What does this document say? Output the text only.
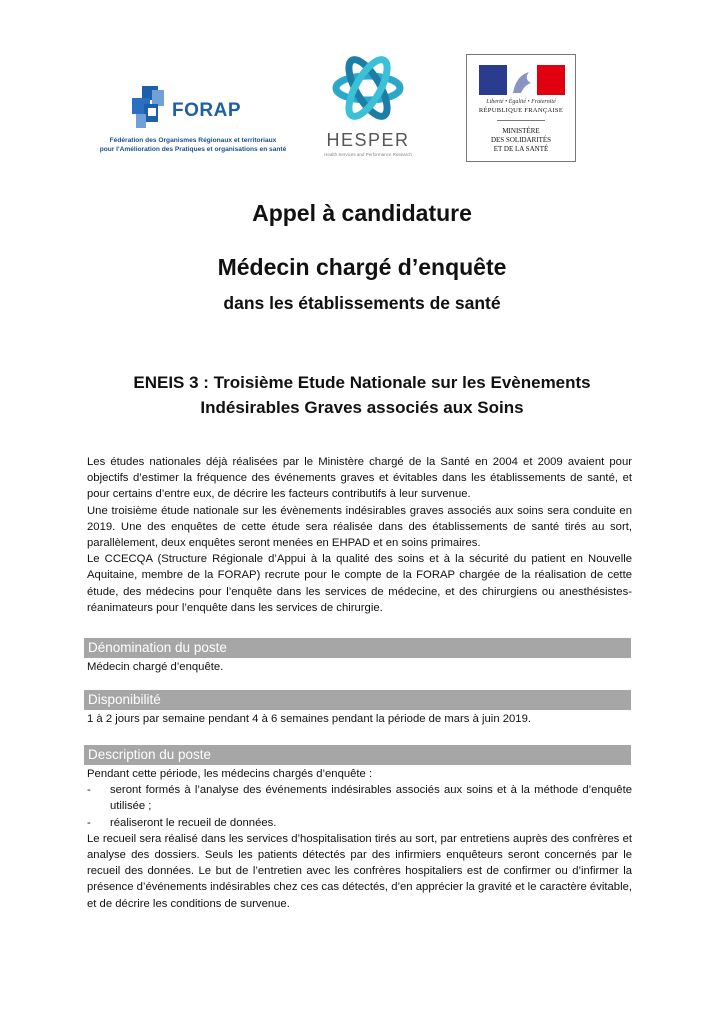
FORAP
Fédération des Organismes Régionaux et territoriaux
pour l'Amélioration des Pratiques et organisations en santé	HESPER
Health Services and Performance Research
Liberté • Égalité • Fraternité
RÉPUBLIQUE FRANÇAISE
MINISTÈRE
DES SOLIDARITÉS
ET DE LA SANTÉ
Appel à candidature
Médecin chargé d’enquête
dans les établissements de santé
ENEIS 3 : Troisième Etude Nationale sur les Evènements
Indésirables Graves associés aux Soins

Les études nationales déjà réalisées par le Ministère chargé de la Santé en 2004 et 2009 avaient pour objectifs d’estimer la fréquence des événements graves et évitables dans les établissements de santé, et pour certains d’entre eux, de décrire les facteurs contributifs à leur survenue.

Une troisième étude nationale sur les évènements indésirables graves associés aux soins sera conduite en 2019. Une des enquêtes de cette étude sera réalisée dans des établissements de santé tirés au sort, parallèlement, deux enquêtes seront menées en EHPAD et en soins primaires.

Le CCECQA (Structure Régionale d’Appui à la qualité des soins et à la sécurité du patient en Nouvelle Aquitaine, membre de la FORAP) recrute pour le compte de la FORAP chargée de la réalisation de cette étude, des médecins pour l’enquête dans les services de médecine, et des chirurgiens ou anesthésistes-réanimateurs pour l’enquête dans les services de chirurgie.

Dénomination du poste
Médecin chargé d’enquête.
Disponibilité
1 à 2 jours par semaine pendant 4 à 6 semaines pendant la période de mars à juin 2019.
Description du poste
Pendant cette période, les médecins chargés d’enquête :
- seront formés à l’analyse des événements indésirables associés aux soins et à la méthode d’enquête utilisée ;
- réaliseront le recueil de données.
Le recueil sera réalisé dans les services d’hospitalisation tirés au sort, par entretiens auprès des confrères et analyse des dossiers. Seuls les patients détectés par des infirmiers enquêteurs seront concernés par le recueil des données. Le but de l’entretien avec les confrères hospitaliers est de confirmer ou d’infirmer la présence d’événements indésirables chez ces cas détectés, d’en apprécier la gravité et le caractère évitable, et de décrire les conditions de survenue.
